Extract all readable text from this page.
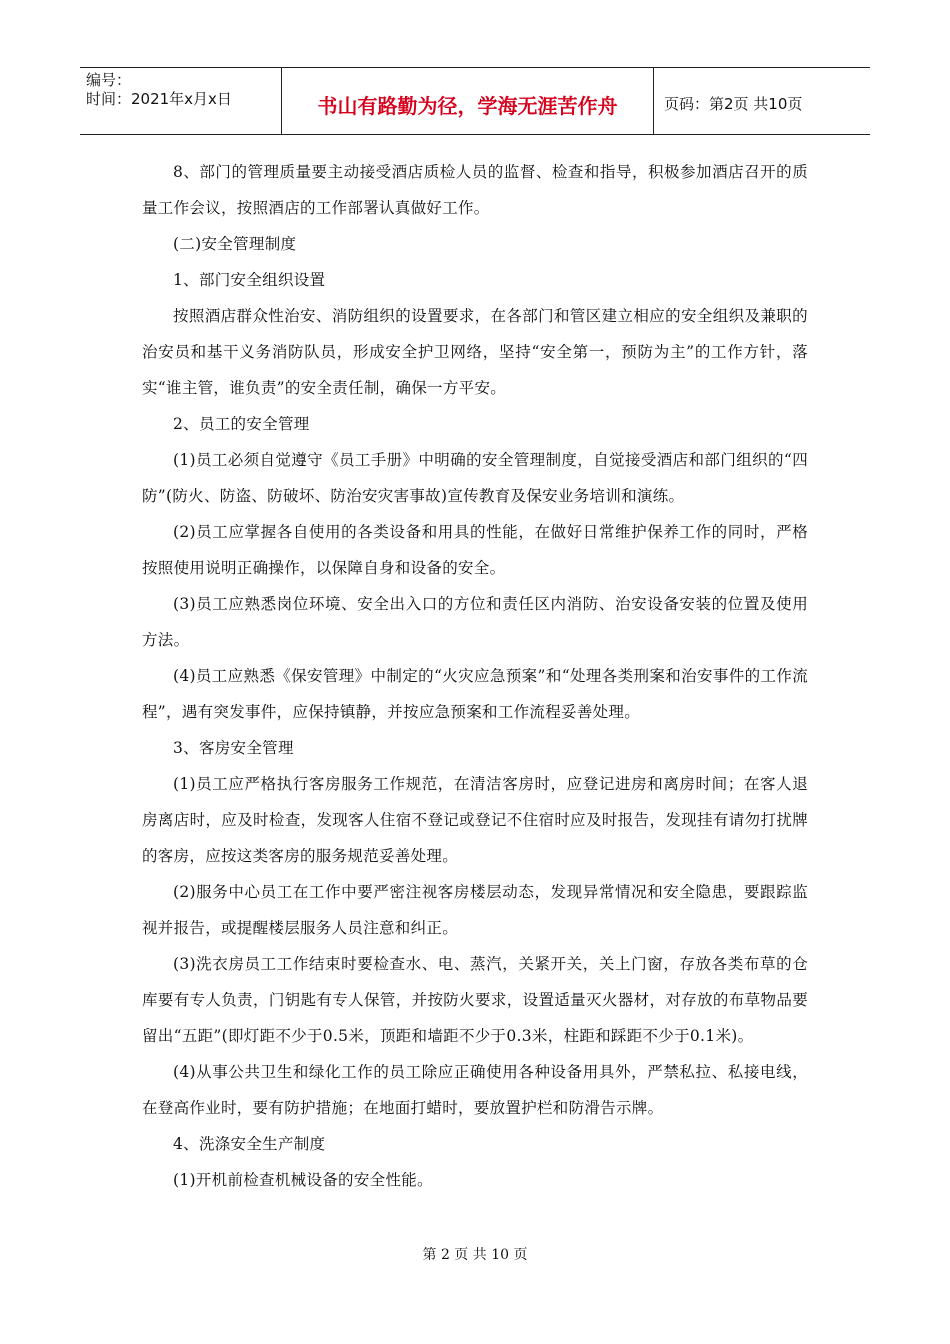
编号：
时间：2021年x月x日	书山有路勤为径，学海无涯苦作舟	页码：第2页 共10页

8、部门的管理质量要主动接受酒店质检人员的监督、检查和指导，积极参加酒店召开的质量工作会议，按照酒店的工作部署认真做好工作。

(二)安全管理制度

1、部门安全组织设置

按照酒店群众性治安、消防组织的设置要求，在各部门和管区建立相应的安全组织及兼职的治安员和基干义务消防队员，形成安全护卫网络，坚持“安全第一，预防为主”的工作方针，落实“谁主管，谁负责”的安全责任制，确保一方平安。

2、员工的安全管理

(1)员工必须自觉遵守《员工手册》中明确的安全管理制度，自觉接受酒店和部门组织的“四防”(防火、防盗、防破坏、防治安灾害事故)宣传教育及保安业务培训和演练。

(2)员工应掌握各自使用的各类设备和用具的性能，在做好日常维护保养工作的同时，严格按照使用说明正确操作，以保障自身和设备的安全。

(3)员工应熟悉岗位环境、安全出入口的方位和责任区内消防、治安设备安装的位置及使用方法。

(4)员工应熟悉《保安管理》中制定的“火灾应急预案”和“处理各类刑案和治安事件的工作流程”，遇有突发事件，应保持镇静，并按应急预案和工作流程妥善处理。

3、客房安全管理

(1)员工应严格执行客房服务工作规范，在清洁客房时，应登记进房和离房时间；在客人退房离店时，应及时检查，发现客人住宿不登记或登记不住宿时应及时报告，发现挂有请勿打扰牌的客房，应按这类客房的服务规范妥善处理。

(2)服务中心员工在工作中要严密注视客房楼层动态，发现异常情况和安全隐患，要跟踪监视并报告，或提醒楼层服务人员注意和纠正。

(3)洗衣房员工工作结束时要检查水、电、蒸汽，关紧开关，关上门窗，存放各类布草的仓库要有专人负责，门钥匙有专人保管，并按防火要求，设置适量灭火器材，对存放的布草物品要留出“五距”(即灯距不少于0.5米，顶距和墙距不少于0.3米，柱距和踩距不少于0.1米)。

(4)从事公共卫生和绿化工作的员工除应正确使用各种设备用具外，严禁私拉、私接电线，在登高作业时，要有防护措施；在地面打蜡时，要放置护栏和防滑告示牌。

4、洗涤安全生产制度

(1)开机前检查机械设备的安全性能。

第 2 页 共 10 页
